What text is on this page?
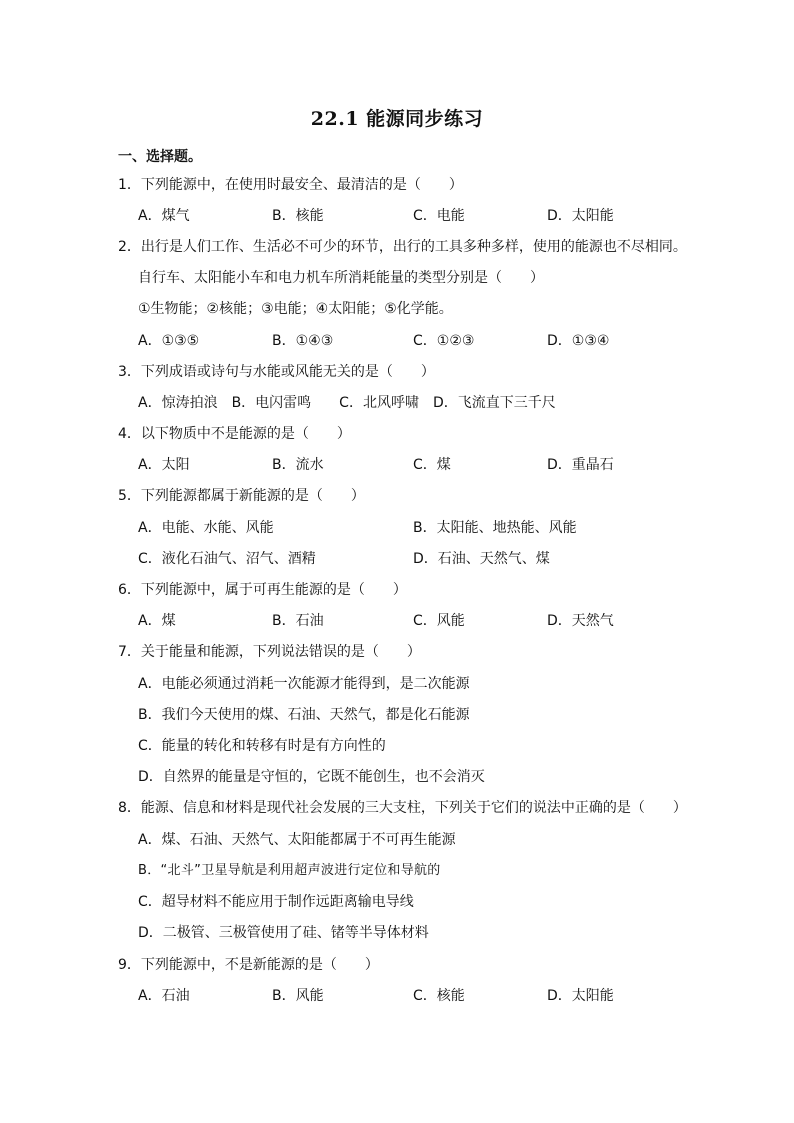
22.1 能源同步练习
一、选择题。
1．下列能源中，在使用时最安全、最清洁的是（　　）
A．煤气	B．核能	C．电能	D．太阳能
2．出行是人们工作、生活必不可少的环节，出行的工具多种多样，使用的能源也不尽相同。
自行车、太阳能小车和电力机车所消耗能量的类型分别是（　　）
①生物能；②核能；③电能；④太阳能；⑤化学能。
A．①③⑤	B．①④③	C．①②③	D．①③④
3．下列成语或诗句与水能或风能无关的是（　　）
A．惊涛拍浪　B．电闪雷鸣　　C．北风呼啸　D．飞流直下三千尺
4．以下物质中不是能源的是（　　）
A．太阳	B．流水	C．煤	D．重晶石
5．下列能源都属于新能源的是（　　）
A．电能、水能、风能	B．太阳能、地热能、风能
C．液化石油气、沼气、酒精	D．石油、天然气、煤
6．下列能源中，属于可再生能源的是（　　）
A．煤	B．石油	C．风能	D．天然气
7．关于能量和能源，下列说法错误的是（　　）
A．电能必须通过消耗一次能源才能得到，是二次能源
B．我们今天使用的煤、石油、天然气，都是化石能源
C．能量的转化和转移有时是有方向性的
D．自然界的能量是守恒的，它既不能创生，也不会消灭
8．能源、信息和材料是现代社会发展的三大支柱，下列关于它们的说法中正确的是（　　）
A．煤、石油、天然气、太阳能都属于不可再生能源
B．“北斗”卫星导航是利用超声波进行定位和导航的
C．超导材料不能应用于制作远距离输电导线
D．二极管、三极管使用了硅、锗等半导体材料
9．下列能源中，不是新能源的是（　　）
A．石油	B．风能	C．核能	D．太阳能
